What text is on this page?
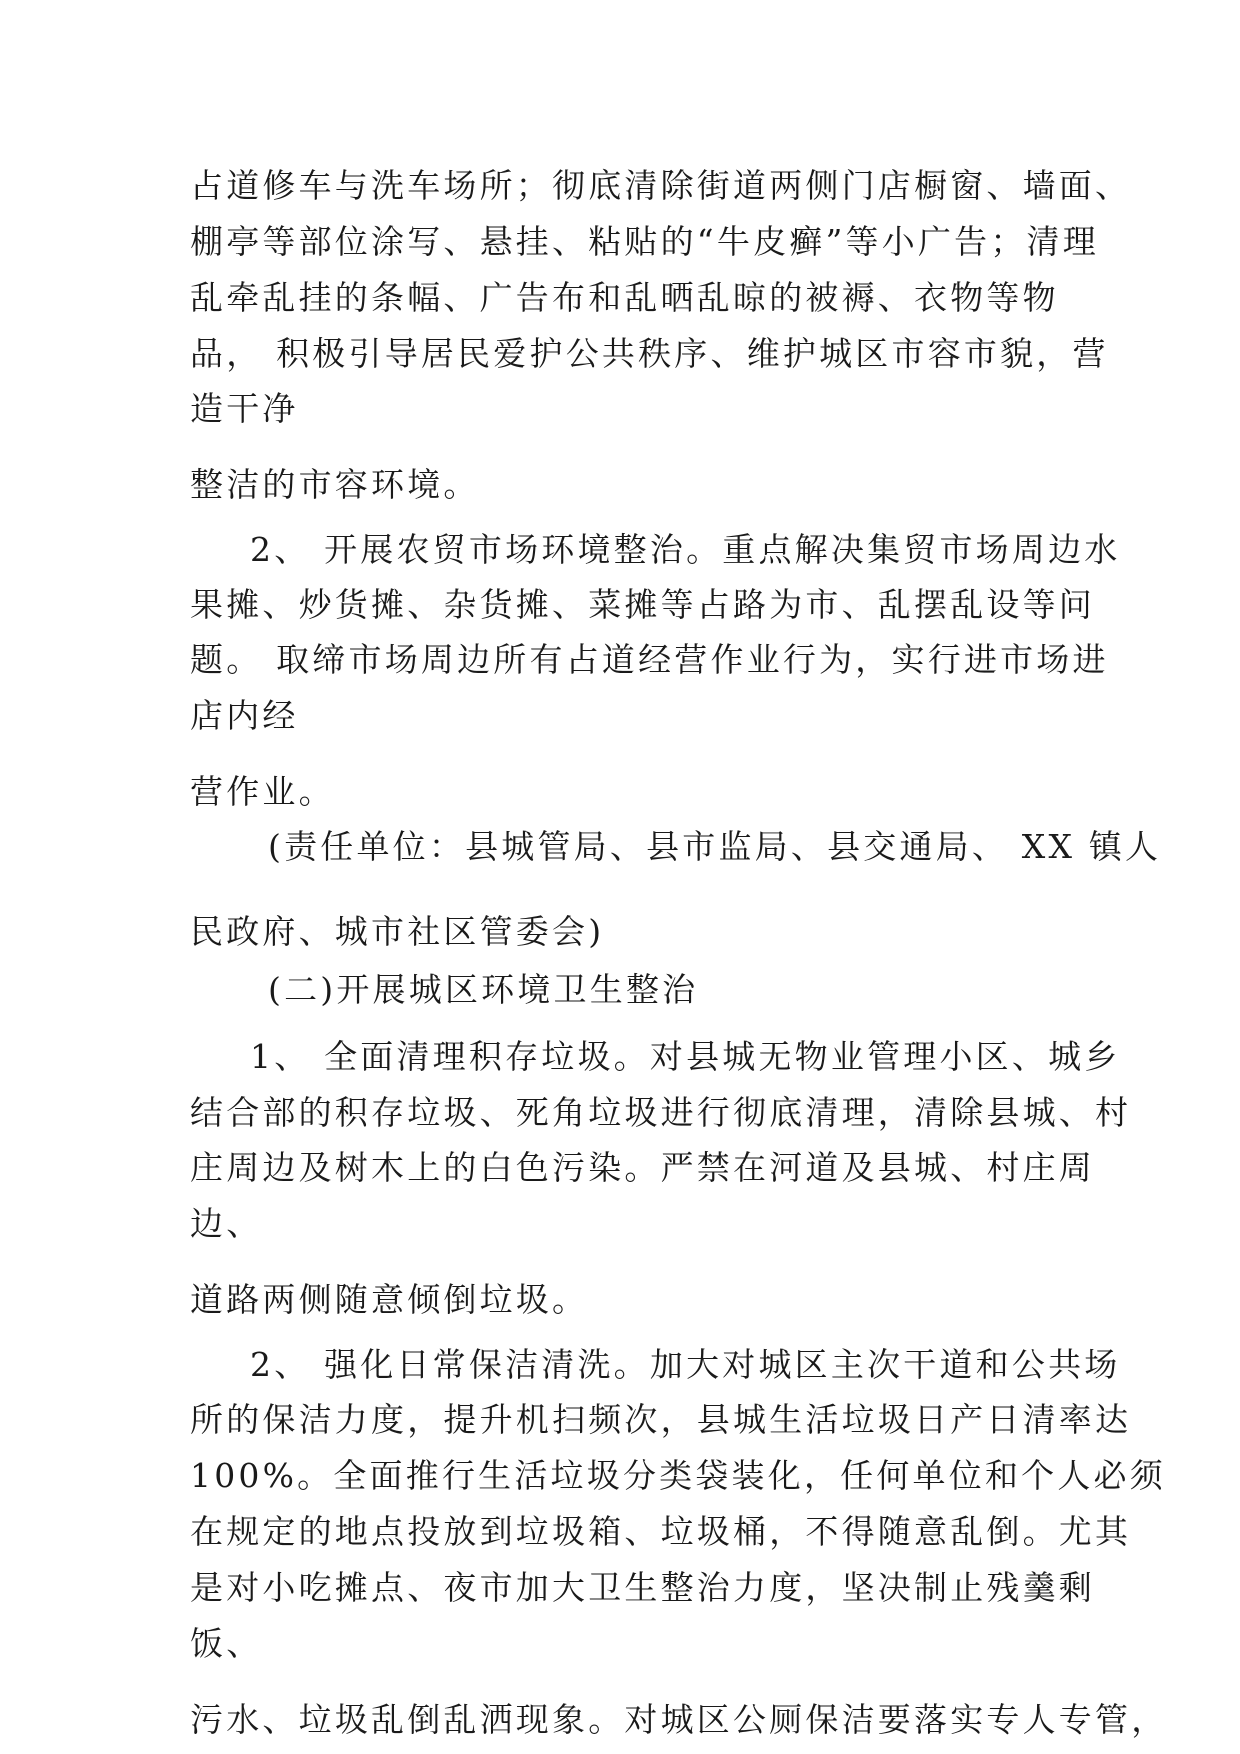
占道修车与洗车场所；彻底清除街道两侧门店橱窗、墙面、
棚亭等部位涂写、悬挂、粘贴的“牛皮癣”等小广告；清理
乱牵乱挂的条幅、广告布和乱晒乱晾的被褥、衣物等物
品， 积极引导居民爱护公共秩序、维护城区市容市貌，营
造干净
整洁的市容环境。
2、 开展农贸市场环境整治。重点解决集贸市场周边水
果摊、炒货摊、杂货摊、菜摊等占路为市、乱摆乱设等问
题。 取缔市场周边所有占道经营作业行为，实行进市场进
店内经
营作业。
(责任单位：县城管局、县市监局、县交通局、 XX 镇人
民政府、城市社区管委会)
(二)开展城区环境卫生整治
1、 全面清理积存垃圾。对县城无物业管理小区、城乡
结合部的积存垃圾、死角垃圾进行彻底清理，清除县城、村
庄周边及树木上的白色污染。严禁在河道及县城、村庄周
边、
道路两侧随意倾倒垃圾。
2、 强化日常保洁清洗。加大对城区主次干道和公共场
所的保洁力度，提升机扫频次，县城生活垃圾日产日清率达
100%。全面推行生活垃圾分类袋装化，任何单位和个人必须
在规定的地点投放到垃圾箱、垃圾桶，不得随意乱倒。尤其
是对小吃摊点、夜市加大卫生整治力度，坚决制止残羹剩
饭、
污水、垃圾乱倒乱洒现象。对城区公厕保洁要落实专人专管，
